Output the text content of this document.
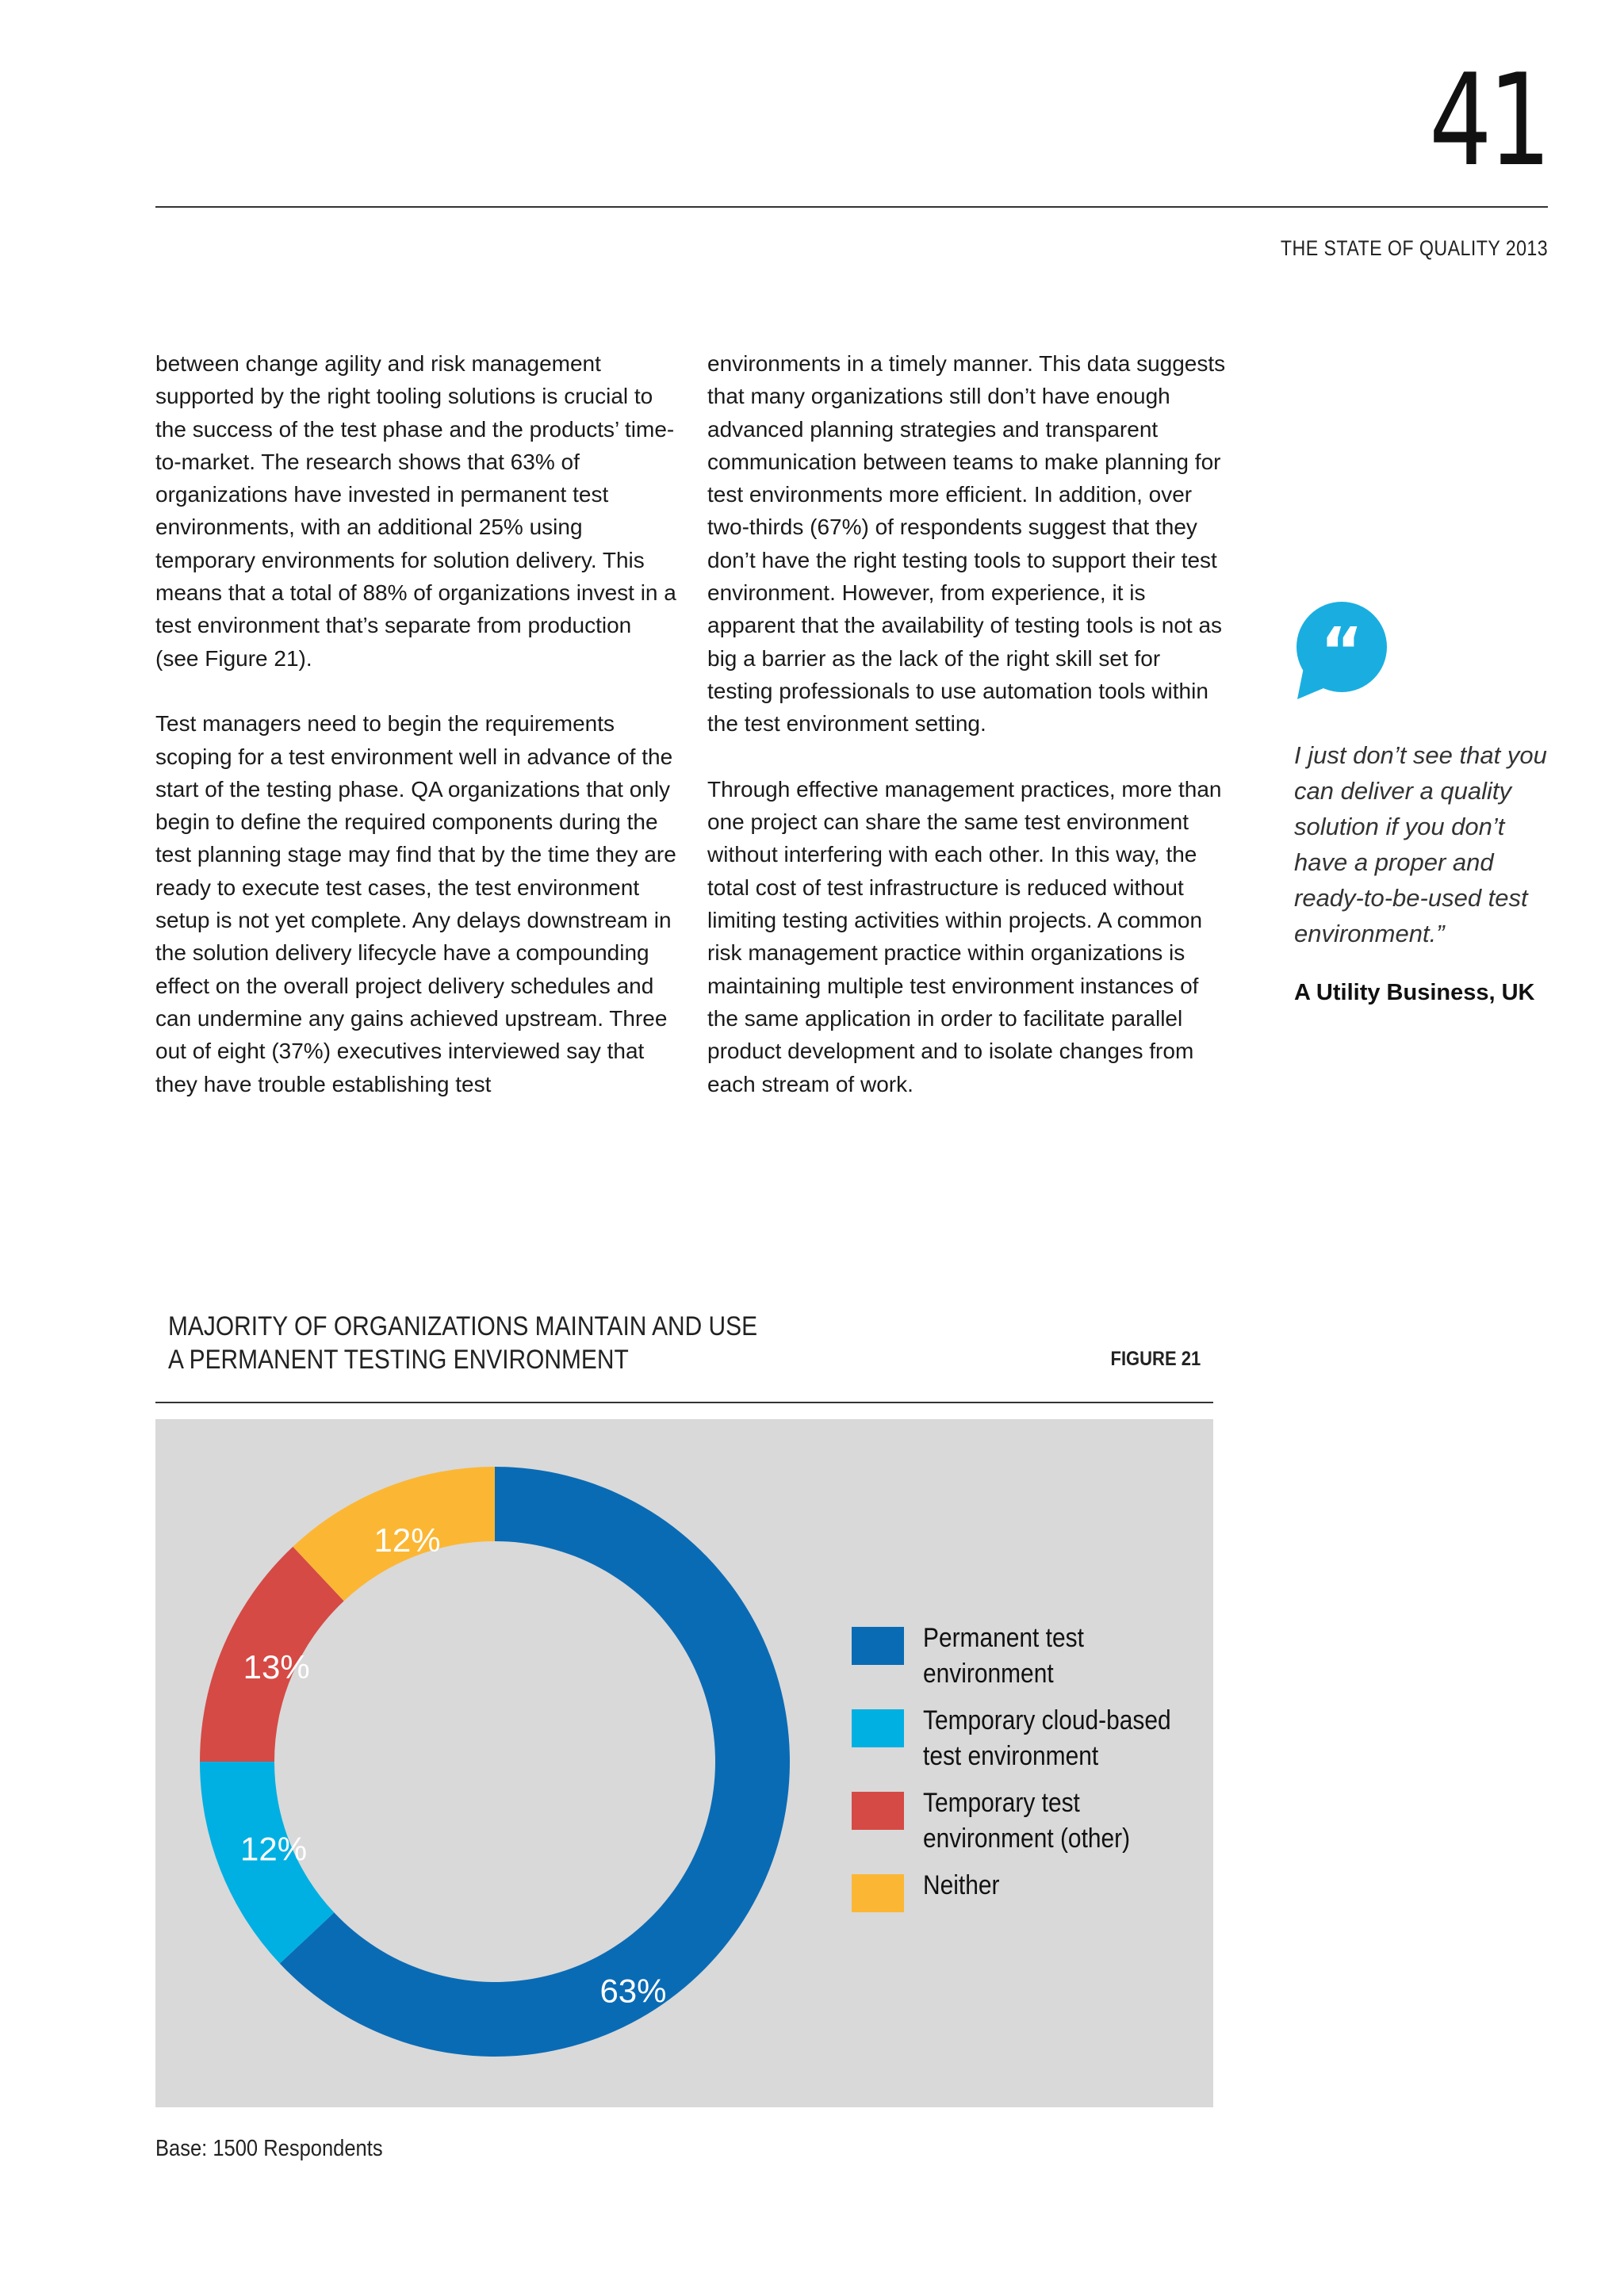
41
THE STATE OF QUALITY 2013

between change agility and risk management supported by the right tooling solutions is crucial to the success of the test phase and the products’ time-to-market. The research shows that 63% of organizations have invested in permanent test environments, with an additional 25% using temporary environments for solution delivery. This means that a total of 88% of organizations invest in a test environment that’s separate from production (see Figure 21).

Test managers need to begin the requirements scoping for a test environment well in advance of the start of the testing phase. QA organizations that only begin to define the required components during the test planning stage may find that by the time they are ready to execute test cases, the test environment setup is not yet complete. Any delays downstream in the solution delivery lifecycle have a compounding effect on the overall project delivery schedules and can undermine any gains achieved upstream. Three out of eight (37%) executives interviewed say that they have trouble establishing test

environments in a timely manner. This data suggests that many organizations still don’t have enough advanced planning strategies and transparent communication between teams to make planning for test environments more efficient. In addition, over two-thirds (67%) of respondents suggest that they don’t have the right testing tools to support their test environment. However, from experience, it is apparent that the availability of testing tools is not as big a barrier as the lack of the right skill set for testing professionals to use automation tools within the test environment setting.

Through effective management practices, more than one project can share the same test environment without interfering with each other. In this way, the total cost of test infrastructure is reduced without limiting testing activities within projects. A common risk management practice within organizations is maintaining multiple test environment instances of the same application in order to facilitate parallel product development and to isolate changes from each stream of work.

“
I just don’t see that you can deliver a quality solution if you don’t have a proper and ready-to-be-used test environment.”
A Utility Business, UK
MAJORITY OF ORGANIZATIONS MAINTAIN AND USE
A PERMANENT TESTING ENVIRONMENT	FIGURE 21
63%
12%
13%
12%
Permanent test environment
Temporary cloud-based test environment
Temporary test environment (other)
Neither
Base: 1500 Respondents
